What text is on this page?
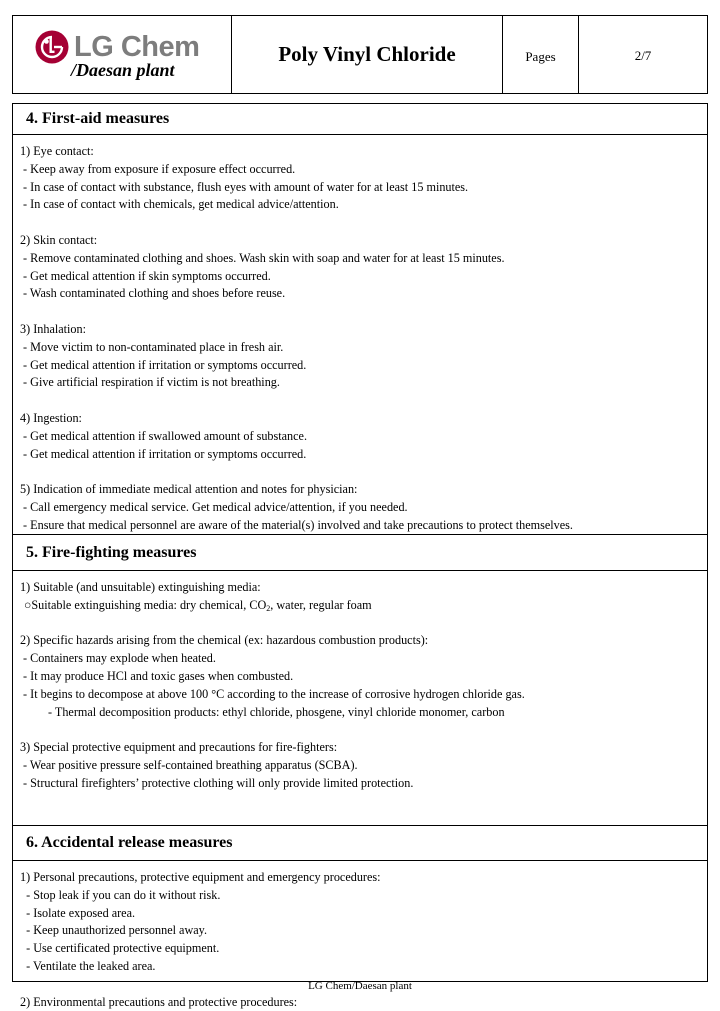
LG Chem
/Daesan plant
Poly Vinyl Chloride	Pages	2/7
4. First-aid measures
1) Eye contact:
- Keep away from exposure if exposure effect occurred.
- In case of contact with substance, flush eyes with amount of water for at least 15 minutes.
- In case of contact with chemicals, get medical advice/attention.
2) Skin contact:
- Remove contaminated clothing and shoes. Wash skin with soap and water for at least 15 minutes.
- Get medical attention if skin symptoms occurred.
- Wash contaminated clothing and shoes before reuse.
3) Inhalation:
- Move victim to non-contaminated place in fresh air.
- Get medical attention if irritation or symptoms occurred.
- Give artificial respiration if victim is not breathing.
4) Ingestion:
- Get medical attention if swallowed amount of substance.
- Get medical attention if irritation or symptoms occurred.
5) Indication of immediate medical attention and notes for physician:
- Call emergency medical service. Get medical advice/attention, if you needed.
- Ensure that medical personnel are aware of the material(s) involved and take precautions to protect themselves.
5. Fire-fighting measures
1) Suitable (and unsuitable) extinguishing media:
○Suitable extinguishing media: dry chemical, $CO_2$, water, regular foam
2) Specific hazards arising from the chemical (ex: hazardous combustion products):
- Containers may explode when heated.
- It may produce HCl and toxic gases when combusted.
- It begins to decompose at above 100 °C according to the increase of corrosive hydrogen chloride gas.
- Thermal decomposition products: ethyl chloride, phosgene, vinyl chloride monomer, carbon
3) Special protective equipment and precautions for fire-fighters:
- Wear positive pressure self-contained breathing apparatus (SCBA).
- Structural firefighters’ protective clothing will only provide limited protection.
6. Accidental release measures
1) Personal precautions, protective equipment and emergency procedures:
- Stop leak if you can do it without risk.
- Isolate exposed area.
- Keep unauthorized personnel away.
- Use certificated protective equipment.
- Ventilate the leaked area.
2) Environmental precautions and protective procedures:
LG Chem/Daesan plant
